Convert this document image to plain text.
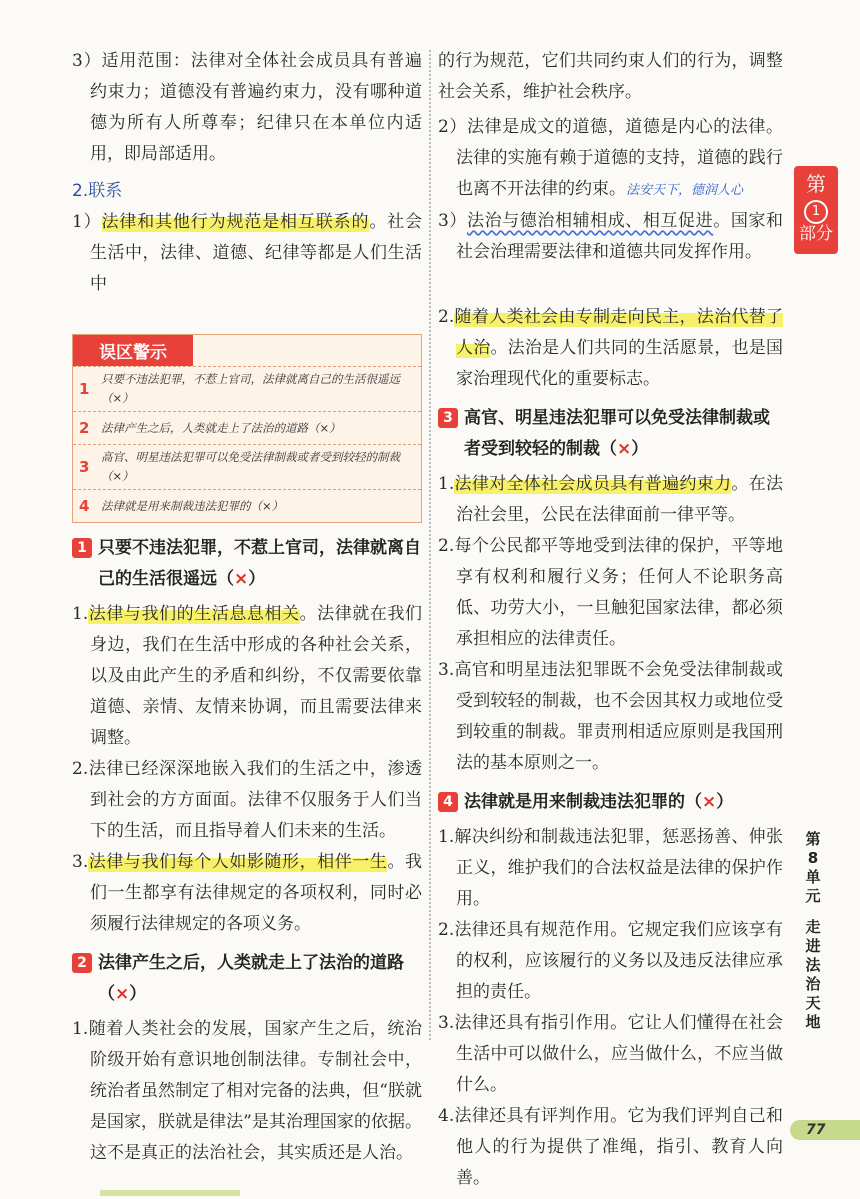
3）适用范围：法律对全体社会成员具有普遍约束力；道德没有普遍约束力，没有哪种道德为所有人所尊奉；纪律只在本单位内适用，即局部适用。

2.联系

1）法律和其他行为规范是相互联系的。社会生活中，法律、道德、纪律等都是人们生活中

误区警示
1
只要不违法犯罪，不惹上官司，法律就离自己的生活很遥远（×）
2	法律产生之后，人类就走上了法治的道路（×）
3
高官、明星违法犯罪可以免受法律制裁或者受到较轻的制裁（×）
4	法律就是用来制裁违法犯罪的（×）
1 只要不违法犯罪，不惹上官司，法律就离自己的生活很遥远（×）

1.法律与我们的生活息息相关。法律就在我们身边，我们在生活中形成的各种社会关系，以及由此产生的矛盾和纠纷，不仅需要依靠道德、亲情、友情来协调，而且需要法律来调整。

2.法律已经深深地嵌入我们的生活之中，渗透到社会的方方面面。法律不仅服务于人们当下的生活，而且指导着人们未来的生活。

3.法律与我们每个人如影随形，相伴一生。我们一生都享有法律规定的各项权利，同时必须履行法律规定的各项义务。

2 法律产生之后，人类就走上了法治的道路（×）

1.随着人类社会的发展，国家产生之后，统治阶级开始有意识地创制法律。专制社会中，统治者虽然制定了相对完备的法典，但“朕就是国家，朕就是律法”是其治理国家的依据。这不是真正的法治社会，其实质还是人治。

的行为规范，它们共同约束人们的行为，调整社会关系，维护社会秩序。

2）法律是成文的道德，道德是内心的法律。法律的实施有赖于道德的支持，道德的践行也离不开法律的约束。法安天下，德润人心

3）法治与德治相辅相成、相互促进。国家和社会治理需要法律和道德共同发挥作用。

2.随着人类社会由专制走向民主，法治代替了人治。法治是人们共同的生活愿景，也是国家治理现代化的重要标志。

3 高官、明星违法犯罪可以免受法律制裁或者受到较轻的制裁（×）

1.法律对全体社会成员具有普遍约束力。在法治社会里，公民在法律面前一律平等。

2.每个公民都平等地受到法律的保护，平等地享有权利和履行义务；任何人不论职务高低、功劳大小，一旦触犯国家法律，都必须承担相应的法律责任。

3.高官和明星违法犯罪既不会免受法律制裁或受到较轻的制裁，也不会因其权力或地位受到较重的制裁。罪责刑相适应原则是我国刑法的基本原则之一。

4 法律就是用来制裁违法犯罪的（×）

1.解决纠纷和制裁违法犯罪，惩恶扬善、伸张正义，维护我们的合法权益是法律的保护作用。

2.法律还具有规范作用。它规定我们应该享有的权利，应该履行的义务以及违反法律应承担的责任。

3.法律还具有指引作用。它让人们懂得在社会生活中可以做什么，应当做什么，不应当做什么。

4.法律还具有评判作用。它为我们评判自己和他人的行为提供了准绳，指引、教育人向善。

第
1
部分
第8单元
走进法治天地
77
